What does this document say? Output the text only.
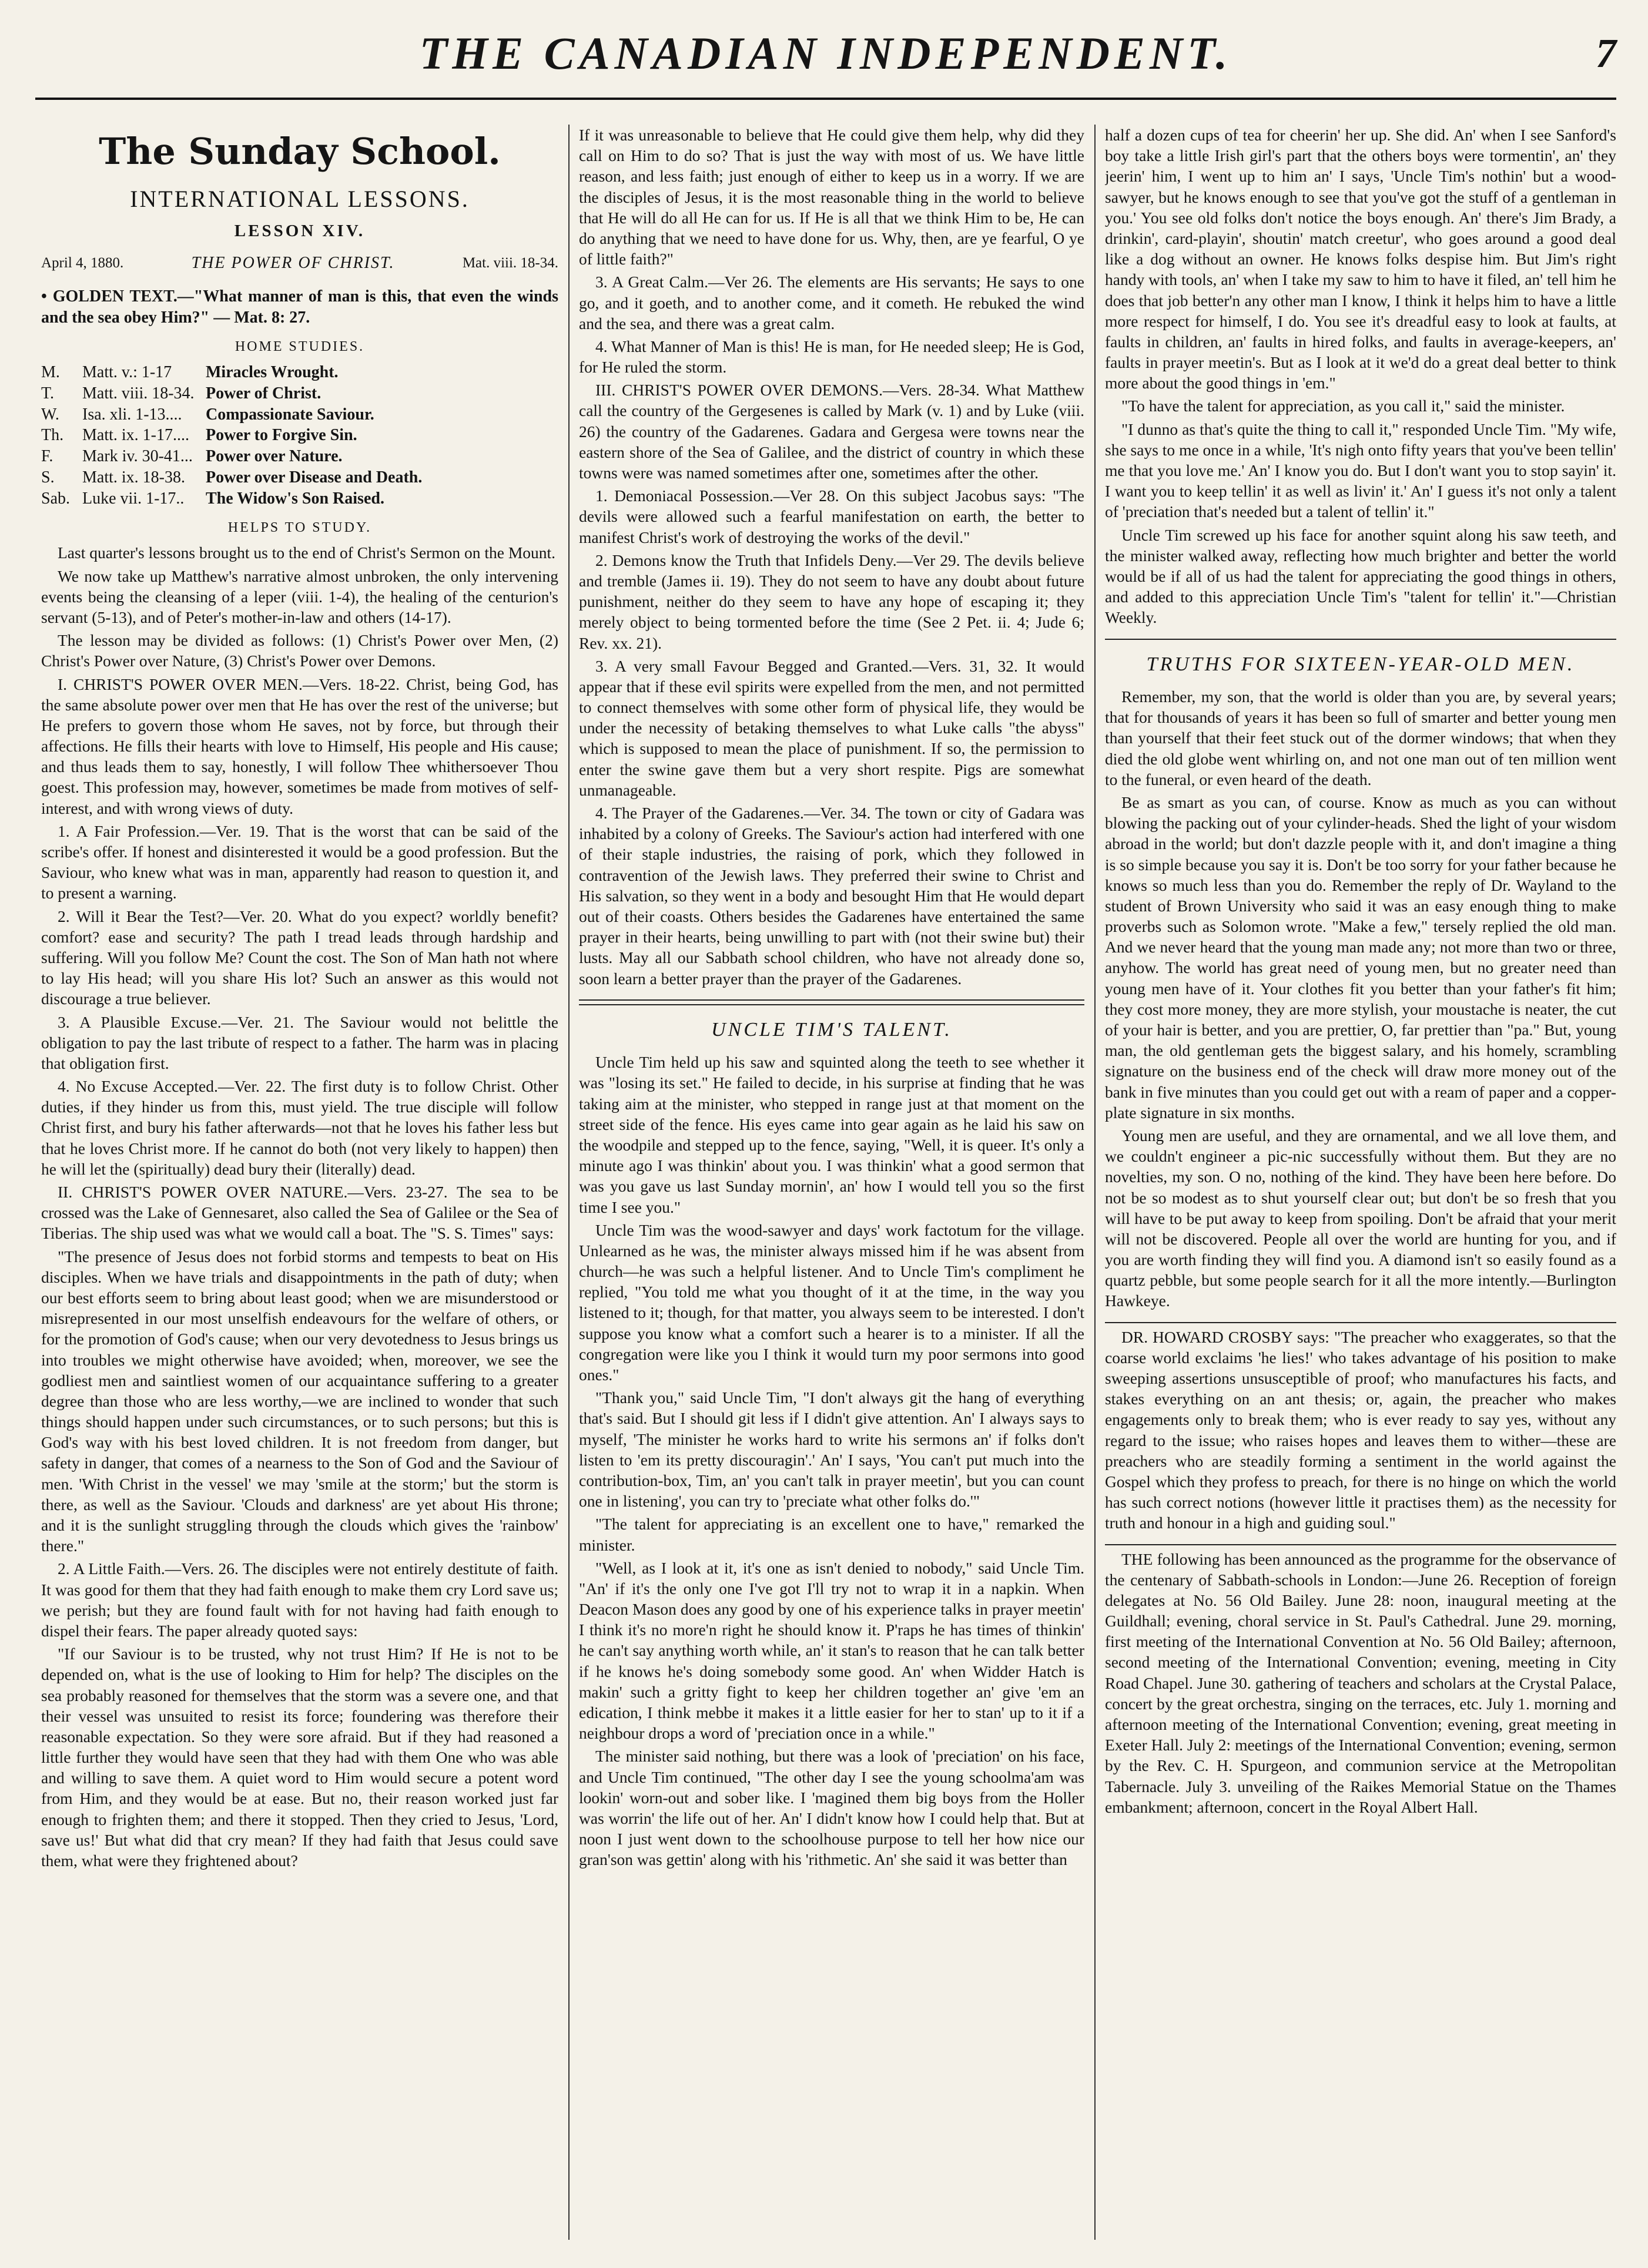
THE CANADIAN INDEPENDENT.	7
The Sunday School.
INTERNATIONAL LESSONS.
LESSON XIV.
April 4, 1880.	THE POWER OF CHRIST.	Mat. viii. 18-34.

• GOLDEN TEXT.—"What manner of man is this, that even the winds and the sea obey Him?" — Mat. 8: 27.

HOME STUDIES.
M.	Matt. v.: 1-17	Miracles Wrought.
T.	Matt. viii. 18-34. Power of Christ.
W.	Isa. xli. 1-13....	Compassionate Saviour.
Th.	Matt. ix. 1-17....	Power to Forgive Sin.
F.	Mark iv. 30-41... Power over Nature.
S.	Matt. ix. 18-38.	Power over Disease and Death.
Sab. Luke vii. 1-17..	The Widow's Son Raised.
HELPS TO STUDY.

Last quarter's lessons brought us to the end of Christ's Sermon on the Mount.

We now take up Matthew's narrative almost unbroken, the only intervening events being the cleansing of a leper (viii. 1-4), the healing of the centurion's servant (5-13), and of Peter's mother-in-law and others (14-17).

The lesson may be divided as follows: (1) Christ's Power over Men, (2) Christ's Power over Nature, (3) Christ's Power over Demons.

I. CHRIST'S POWER OVER MEN.—Vers. 18-22. Christ, being God, has the same absolute power over men that He has over the rest of the universe; but He prefers to govern those whom He saves, not by force, but through their affections. He fills their hearts with love to Himself, His people and His cause; and thus leads them to say, honestly, I will follow Thee whithersoever Thou goest. This profession may, however, sometimes be made from motives of self-interest, and with wrong views of duty.

1. A Fair Profession.—Ver. 19. That is the worst that can be said of the scribe's offer. If honest and disinterested it would be a good profession. But the Saviour, who knew what was in man, apparently had reason to question it, and to present a warning.

2. Will it Bear the Test?—Ver. 20. What do you expect? worldly benefit? comfort? ease and security? The path I tread leads through hardship and suffering. Will you follow Me? Count the cost. The Son of Man hath not where to lay His head; will you share His lot? Such an answer as this would not discourage a true believer.

3. A Plausible Excuse.—Ver. 21. The Saviour would not belittle the obligation to pay the last tribute of respect to a father. The harm was in placing that obligation first.

4. No Excuse Accepted.—Ver. 22. The first duty is to follow Christ. Other duties, if they hinder us from this, must yield. The true disciple will follow Christ first, and bury his father afterwards—not that he loves his father less but that he loves Christ more. If he cannot do both (not very likely to happen) then he will let the (spiritually) dead bury their (literally) dead.

II. CHRIST'S POWER OVER NATURE.—Vers. 23-27. The sea to be crossed was the Lake of Gennesaret, also called the Sea of Galilee or the Sea of Tiberias. The ship used was what we would call a boat. The "S. S. Times" says:

"The presence of Jesus does not forbid storms and tempests to beat on His disciples. When we have trials and disappointments in the path of duty; when our best efforts seem to bring about least good; when we are misunderstood or misrepresented in our most unselfish endeavours for the welfare of others, or for the promotion of God's cause; when our very devotedness to Jesus brings us into troubles we might otherwise have avoided; when, moreover, we see the godliest men and saintliest women of our acquaintance suffering to a greater degree than those who are less worthy,—we are inclined to wonder that such things should happen under such circumstances, or to such persons; but this is God's way with his best loved children. It is not freedom from danger, but safety in danger, that comes of a nearness to the Son of God and the Saviour of men. 'With Christ in the vessel' we may 'smile at the storm;' but the storm is there, as well as the Saviour. 'Clouds and darkness' are yet about His throne; and it is the sunlight struggling through the clouds which gives the 'rainbow' there."

2. A Little Faith.—Vers. 26. The disciples were not entirely destitute of faith. It was good for them that they had faith enough to make them cry Lord save us; we perish; but they are found fault with for not having had faith enough to dispel their fears. The paper already quoted says:

"If our Saviour is to be trusted, why not trust Him? If He is not to be depended on, what is the use of looking to Him for help? The disciples on the sea probably reasoned for themselves that the storm was a severe one, and that their vessel was unsuited to resist its force; foundering was therefore their reasonable expectation. So they were sore afraid. But if they had reasoned a little further they would have seen that they had with them One who was able and willing to save them. A quiet word to Him would secure a potent word from Him, and they would be at ease. But no, their reason worked just far enough to frighten them; and there it stopped. Then they cried to Jesus, 'Lord, save us!' But what did that cry mean? If they had faith that Jesus could save them, what were they frightened about?

If it was unreasonable to believe that He could give them help, why did they call on Him to do so? That is just the way with most of us. We have little reason, and less faith; just enough of either to keep us in a worry. If we are the disciples of Jesus, it is the most reasonable thing in the world to believe that He will do all He can for us. If He is all that we think Him to be, He can do anything that we need to have done for us. Why, then, are ye fearful, O ye of little faith?"

3. A Great Calm.—Ver 26. The elements are His servants; He says to one go, and it goeth, and to another come, and it cometh. He rebuked the wind and the sea, and there was a great calm.

4. What Manner of Man is this! He is man, for He needed sleep; He is God, for He ruled the storm.

III. CHRIST'S POWER OVER DEMONS.—Vers. 28-34. What Matthew call the country of the Gergesenes is called by Mark (v. 1) and by Luke (viii. 26) the country of the Gadarenes. Gadara and Gergesa were towns near the eastern shore of the Sea of Galilee, and the district of country in which these towns were was named sometimes after one, sometimes after the other.

1. Demoniacal Possession.—Ver 28. On this subject Jacobus says: "The devils were allowed such a fearful manifestation on earth, the better to manifest Christ's work of destroying the works of the devil."

2. Demons know the Truth that Infidels Deny.—Ver 29. The devils believe and tremble (James ii. 19). They do not seem to have any doubt about future punishment, neither do they seem to have any hope of escaping it; they merely object to being tormented before the time (See 2 Pet. ii. 4; Jude 6; Rev. xx. 21).

3. A very small Favour Begged and Granted.—Vers. 31, 32. It would appear that if these evil spirits were expelled from the men, and not permitted to connect themselves with some other form of physical life, they would be under the necessity of betaking themselves to what Luke calls "the abyss" which is supposed to mean the place of punishment. If so, the permission to enter the swine gave them but a very short respite. Pigs are somewhat unmanageable.

4. The Prayer of the Gadarenes.—Ver. 34. The town or city of Gadara was inhabited by a colony of Greeks. The Saviour's action had interfered with one of their staple industries, the raising of pork, which they followed in contravention of the Jewish laws. They preferred their swine to Christ and His salvation, so they went in a body and besought Him that He would depart out of their coasts. Others besides the Gadarenes have entertained the same prayer in their hearts, being unwilling to part with (not their swine but) their lusts. May all our Sabbath school children, who have not already done so, soon learn a better prayer than the prayer of the Gadarenes.

UNCLE TIM'S TALENT.

Uncle Tim held up his saw and squinted along the teeth to see whether it was "losing its set." He failed to decide, in his surprise at finding that he was taking aim at the minister, who stepped in range just at that moment on the street side of the fence. His eyes came into gear again as he laid his saw on the woodpile and stepped up to the fence, saying, "Well, it is queer. It's only a minute ago I was thinkin' about you. I was thinkin' what a good sermon that was you gave us last Sunday mornin', an' how I would tell you so the first time I see you."

Uncle Tim was the wood-sawyer and days' work factotum for the village. Unlearned as he was, the minister always missed him if he was absent from church—he was such a helpful listener. And to Uncle Tim's compliment he replied, "You told me what you thought of it at the time, in the way you listened to it; though, for that matter, you always seem to be interested. I don't suppose you know what a comfort such a hearer is to a minister. If all the congregation were like you I think it would turn my poor sermons into good ones."

"Thank you," said Uncle Tim, "I don't always git the hang of everything that's said. But I should git less if I didn't give attention. An' I always says to myself, 'The minister he works hard to write his sermons an' if folks don't listen to 'em its pretty discouragin'.' An' I says, 'You can't put much into the contribution-box, Tim, an' you can't talk in prayer meetin', but you can count one in listening', you can try to 'preciate what other folks do.'"

"The talent for appreciating is an excellent one to have," remarked the minister.

"Well, as I look at it, it's one as isn't denied to nobody," said Uncle Tim. "An' if it's the only one I've got I'll try not to wrap it in a napkin. When Deacon Mason does any good by one of his experience talks in prayer meetin' I think it's no more'n right he should know it. P'raps he has times of thinkin' he can't say anything worth while, an' it stan's to reason that he can talk better if he knows he's doing somebody some good. An' when Widder Hatch is makin' such a gritty fight to keep her children together an' give 'em an edication, I think mebbe it makes it a little easier for her to stan' up to it if a neighbour drops a word of 'preciation once in a while."

The minister said nothing, but there was a look of 'preciation' on his face, and Uncle Tim continued, "The other day I see the young schoolma'am was lookin' worn-out and sober like. I 'magined them big boys from the Holler was worrin' the life out of her. An' I didn't know how I could help that. But at noon I just went down to the schoolhouse purpose to tell her how nice our gran'son was gettin' along with his 'rithmetic. An' she said it was better than

half a dozen cups of tea for cheerin' her up. She did. An' when I see Sanford's boy take a little Irish girl's part that the others boys were tormentin', an' they jeerin' him, I went up to him an' I says, 'Uncle Tim's nothin' but a wood-sawyer, but he knows enough to see that you've got the stuff of a gentleman in you.' You see old folks don't notice the boys enough. An' there's Jim Brady, a drinkin', card-playin', shoutin' match creetur', who goes around a good deal like a dog without an owner. He knows folks despise him. But Jim's right handy with tools, an' when I take my saw to him to have it filed, an' tell him he does that job better'n any other man I know, I think it helps him to have a little more respect for himself, I do. You see it's dreadful easy to look at faults, at faults in children, an' faults in hired folks, and faults in average-keepers, an' faults in prayer meetin's. But as I look at it we'd do a great deal better to think more about the good things in 'em."

"To have the talent for appreciation, as you call it," said the minister.

"I dunno as that's quite the thing to call it," responded Uncle Tim. "My wife, she says to me once in a while, 'It's nigh onto fifty years that you've been tellin' me that you love me.' An' I know you do. But I don't want you to stop sayin' it. I want you to keep tellin' it as well as livin' it.' An' I guess it's not only a talent of 'preciation that's needed but a talent of tellin' it."

Uncle Tim screwed up his face for another squint along his saw teeth, and the minister walked away, reflecting how much brighter and better the world would be if all of us had the talent for appreciating the good things in others, and added to this appreciation Uncle Tim's "talent for tellin' it."—Christian Weekly.

TRUTHS FOR SIXTEEN-YEAR-OLD MEN.

Remember, my son, that the world is older than you are, by several years; that for thousands of years it has been so full of smarter and better young men than yourself that their feet stuck out of the dormer windows; that when they died the old globe went whirling on, and not one man out of ten million went to the funeral, or even heard of the death.

Be as smart as you can, of course. Know as much as you can without blowing the packing out of your cylinder-heads. Shed the light of your wisdom abroad in the world; but don't dazzle people with it, and don't imagine a thing is so simple because you say it is. Don't be too sorry for your father because he knows so much less than you do. Remember the reply of Dr. Wayland to the student of Brown University who said it was an easy enough thing to make proverbs such as Solomon wrote. "Make a few," tersely replied the old man. And we never heard that the young man made any; not more than two or three, anyhow. The world has great need of young men, but no greater need than young men have of it. Your clothes fit you better than your father's fit him; they cost more money, they are more stylish, your moustache is neater, the cut of your hair is better, and you are prettier, O, far prettier than "pa." But, young man, the old gentleman gets the biggest salary, and his homely, scrambling signature on the business end of the check will draw more money out of the bank in five minutes than you could get out with a ream of paper and a copper-plate signature in six months.

Young men are useful, and they are ornamental, and we all love them, and we couldn't engineer a pic-nic successfully without them. But they are no novelties, my son. O no, nothing of the kind. They have been here before. Do not be so modest as to shut yourself clear out; but don't be so fresh that you will have to be put away to keep from spoiling. Don't be afraid that your merit will not be discovered. People all over the world are hunting for you, and if you are worth finding they will find you. A diamond isn't so easily found as a quartz pebble, but some people search for it all the more intently.—Burlington Hawkeye.

DR. HOWARD CROSBY says: "The preacher who exaggerates, so that the coarse world exclaims 'he lies!' who takes advantage of his position to make sweeping assertions unsusceptible of proof; who manufactures his facts, and stakes everything on an ant thesis; or, again, the preacher who makes engagements only to break them; who is ever ready to say yes, without any regard to the issue; who raises hopes and leaves them to wither—these are preachers who are steadily forming a sentiment in the world against the Gospel which they profess to preach, for there is no hinge on which the world has such correct notions (however little it practises them) as the necessity for truth and honour in a high and guiding soul."

THE following has been announced as the programme for the observance of the centenary of Sabbath-schools in London:—June 26. Reception of foreign delegates at No. 56 Old Bailey. June 28: noon, inaugural meeting at the Guildhall; evening, choral service in St. Paul's Cathedral. June 29. morning, first meeting of the International Convention at No. 56 Old Bailey; afternoon, second meeting of the International Convention; evening, meeting in City Road Chapel. June 30. gathering of teachers and scholars at the Crystal Palace, concert by the great orchestra, singing on the terraces, etc. July 1. morning and afternoon meeting of the International Convention; evening, great meeting in Exeter Hall. July 2: meetings of the International Convention; evening, sermon by the Rev. C. H. Spurgeon, and communion service at the Metropolitan Tabernacle. July 3. unveiling of the Raikes Memorial Statue on the Thames embankment; afternoon, concert in the Royal Albert Hall.
